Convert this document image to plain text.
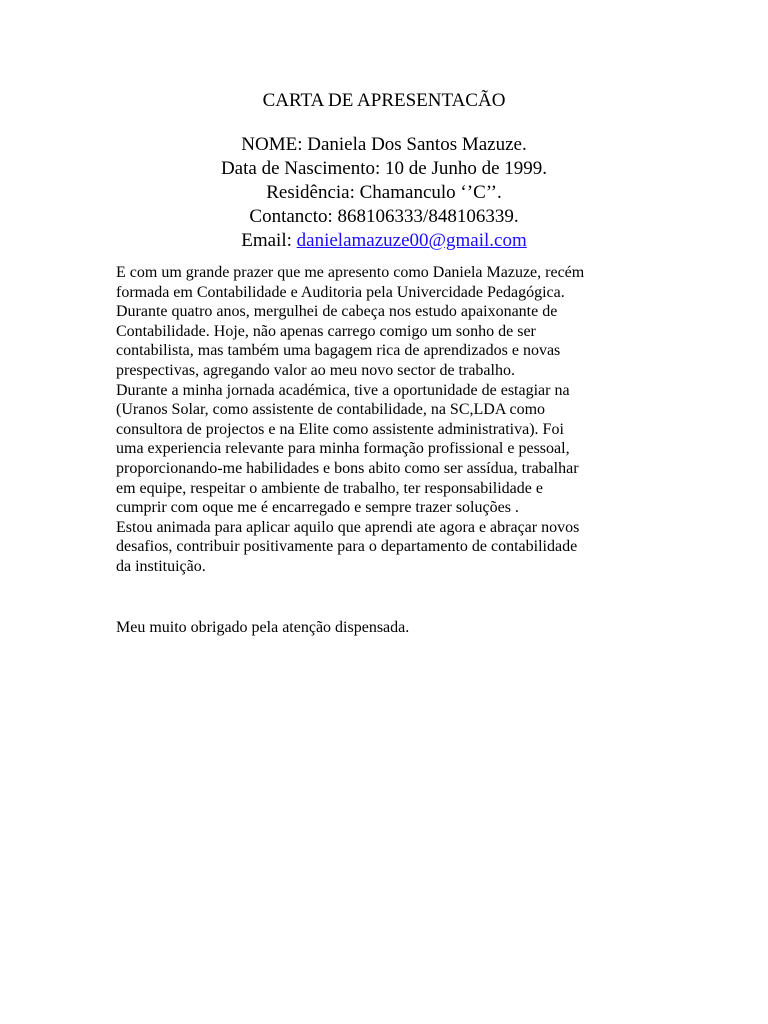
CARTA DE APRESENTACÃO
NOME: Daniela Dos Santos Mazuze.
Data de Nascimento: 10 de Junho de 1999.
Residência: Chamanculo ‘’C’’.
Contancto: 868106333/848106339.
Email: danielamazuze00@gmail.com
E com um grande prazer que me apresento como Daniela Mazuze, recém
formada em Contabilidade e Auditoria pela Univercidade Pedagógica.
Durante quatro anos, mergulhei de cabeça nos estudo apaixonante de
Contabilidade. Hoje, não apenas carrego comigo um sonho de ser
contabilista, mas também uma bagagem rica de aprendizados e novas
prespectivas, agregando valor ao meu novo sector de trabalho.
Durante a minha jornada académica, tive a oportunidade de estagiar na
(Uranos Solar, como assistente de contabilidade, na SC,LDA como
consultora de projectos e na Elite como assistente administrativa). Foi
uma experiencia relevante para minha formação profissional e pessoal,
proporcionando-me habilidades e bons abito como ser assídua, trabalhar
em equipe, respeitar o ambiente de trabalho, ter responsabilidade e
cumprir com oque me é encarregado e sempre trazer soluções .
Estou animada para aplicar aquilo que aprendi ate agora e abraçar novos
desafios, contribuir positivamente para o departamento de contabilidade
da instituição.
Meu muito obrigado pela atenção dispensada.
